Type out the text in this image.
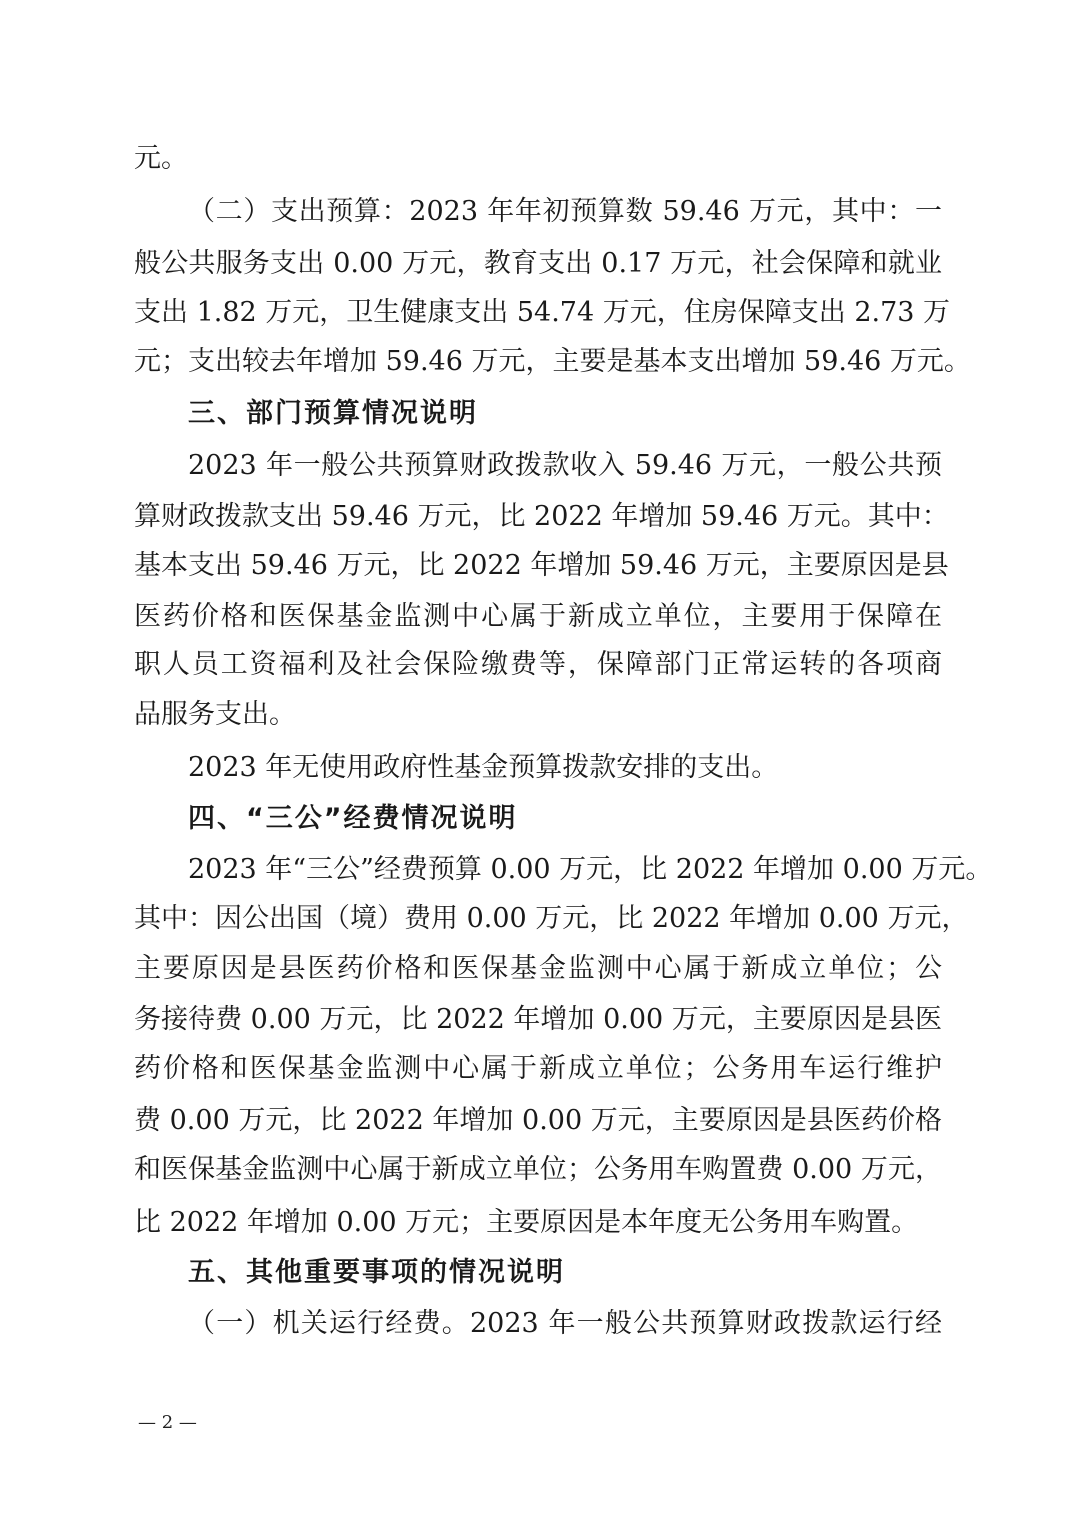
元。
（二）支出预算：2023 年年初预算数 59.46 万元，其中：一
般公共服务支出 0.00 万元，教育支出 0.17 万元，社会保障和就业
支出 1.82 万元，卫生健康支出 54.74 万元，住房保障支出 2.73 万
元；支出较去年增加 59.46 万元，主要是基本支出增加 59.46 万元。
三、部门预算情况说明
2023 年一般公共预算财政拨款收入 59.46 万元，一般公共预
算财政拨款支出 59.46 万元，比 2022 年增加 59.46 万元。其中：
基本支出 59.46 万元，比 2022 年增加 59.46 万元，主要原因是县
医药价格和医保基金监测中心属于新成立单位，主要用于保障在
职人员工资福利及社会保险缴费等，保障部门正常运转的各项商
品服务支出。
2023 年无使用政府性基金预算拨款安排的支出。
四、“三公”经费情况说明
2023 年“三公”经费预算 0.00 万元，比 2022 年增加 0.00 万元。
其中：因公出国（境）费用 0.00 万元，比 2022 年增加 0.00 万元，
主要原因是县医药价格和医保基金监测中心属于新成立单位；公
务接待费 0.00 万元，比 2022 年增加 0.00 万元，主要原因是县医
药价格和医保基金监测中心属于新成立单位；公务用车运行维护
费 0.00 万元，比 2022 年增加 0.00 万元，主要原因是县医药价格
和医保基金监测中心属于新成立单位；公务用车购置费 0.00 万元，
比 2022 年增加 0.00 万元；主要原因是本年度无公务用车购置。
五、其他重要事项的情况说明
（一）机关运行经费。2023 年一般公共预算财政拨款运行经
— 2 —
